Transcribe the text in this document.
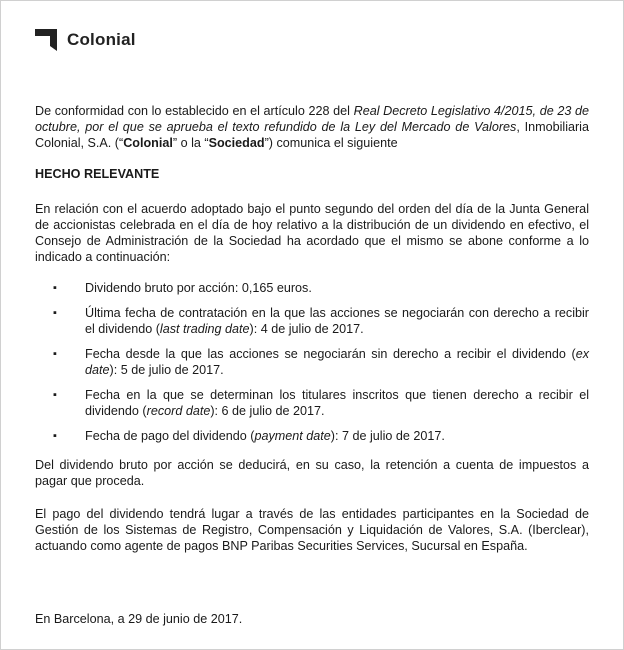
Colonial

De conformidad con lo establecido en el artículo 228 del Real Decreto Legislativo 4/2015, de 23 de octubre, por el que se aprueba el texto refundido de la Ley del Mercado de Valores, Inmobiliaria Colonial, S.A. (“Colonial” o la “Sociedad”) comunica el siguiente

HECHO RELEVANTE

En relación con el acuerdo adoptado bajo el punto segundo del orden del día de la Junta General de accionistas celebrada en el día de hoy relativo a la distribución de un dividendo en efectivo, el Consejo de Administración de la Sociedad ha acordado que el mismo se abone conforme a lo indicado a continuación:

▪ Dividendo bruto por acción: 0,165 euros.
▪ Última fecha de contratación en la que las acciones se negociarán con derecho a recibir el dividendo (last trading date): 4 de julio de 2017.
▪ Fecha desde la que las acciones se negociarán sin derecho a recibir el dividendo (ex date): 5 de julio de 2017.
▪ Fecha en la que se determinan los titulares inscritos que tienen derecho a recibir el dividendo (record date): 6 de julio de 2017.
▪ Fecha de pago del dividendo (payment date): 7 de julio de 2017.

Del dividendo bruto por acción se deducirá, en su caso, la retención a cuenta de impuestos a pagar que proceda.

El pago del dividendo tendrá lugar a través de las entidades participantes en la Sociedad de Gestión de los Sistemas de Registro, Compensación y Liquidación de Valores, S.A. (Iberclear), actuando como agente de pagos BNP Paribas Securities Services, Sucursal en España.

En Barcelona, a 29 de junio de 2017.
